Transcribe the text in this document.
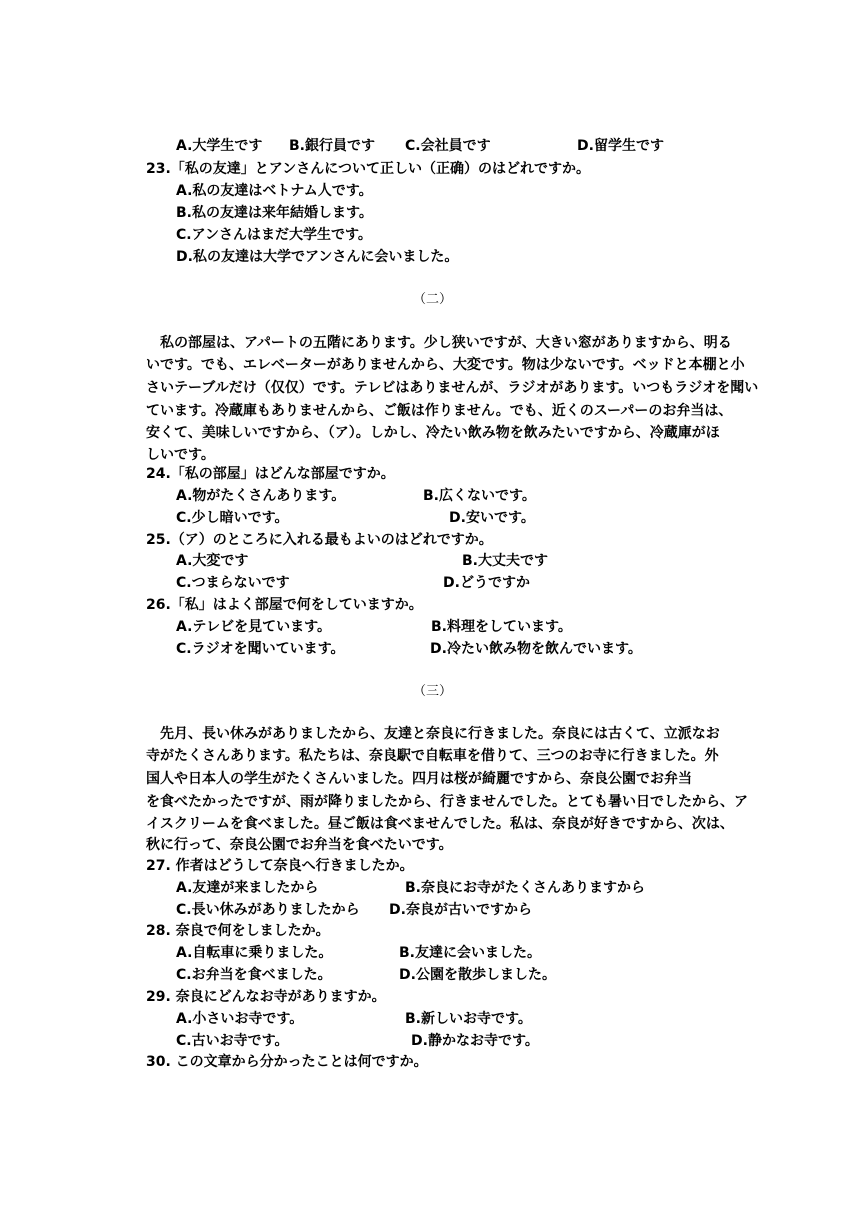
A.大学生です B.銀行員です C.会社員です	D.留学生です
23.「私の友達」とアンさんについて正しい（正确）のはどれですか。
A.私の友達はベトナム人です。
B.私の友達は来年結婚します。
C.アンさんはまだ大学生です。
D.私の友達は大学でアンさんに会いました。
（二）
私の部屋は、アパートの五階にあります。少し狭いですが、大きい窓がありますから、明る
いです。でも、エレベーターがありませんから、大変です。物は少ないです。ベッドと本棚と小
さいテーブルだけ（仅仅）です。テレビはありませんが、ラジオがあります。いつもラジオを聞い
ています。冷蔵庫もありませんから、ご飯は作りません。でも、近くのスーパーのお弁当は、
安くて、美味しいですから、（ア）。しかし、冷たい飲み物を飲みたいですから、冷蔵庫がほ
しいです。
24.「私の部屋」はどんな部屋ですか。
A.物がたくさんあります。	B.広くないです。
C.少し暗いです。	D.安いです。
25.（ア）のところに入れる最もよいのはどれですか。
A.大変です	B.大丈夫です
C.つまらないです	D.どうですか
26.「私」はよく部屋で何をしていますか。
A.テレビを見ています。	B.料理をしています。
C.ラジオを聞いています。	D.冷たい飲み物を飲んでいます。
（三）
先月、長い休みがありましたから、友達と奈良に行きました。奈良には古くて、立派なお
寺がたくさんあります。私たちは、奈良駅で自転車を借りて、三つのお寺に行きました。外
国人や日本人の学生がたくさんいました。四月は桜が綺麗ですから、奈良公園でお弁当
を食べたかったですが、雨が降りましたから、行きませんでした。とても暑い日でしたから、ア
イスクリームを食べました。昼ご飯は食べませんでした。私は、奈良が好きですから、次は、
秋に行って、奈良公園でお弁当を食べたいです。
27. 作者はどうして奈良へ行きましたか。
A.友達が来ましたから	B.奈良にお寺がたくさんありますから
C.長い休みがありましたから D.奈良が古いですから
28. 奈良で何をしましたか。
A.自転車に乗りました。	B.友達に会いました。
C.お弁当を食べました。	D.公園を散歩しました。
29. 奈良にどんなお寺がありますか。
A.小さいお寺です。	B.新しいお寺です。
C.古いお寺です。	D.静かなお寺です。
30. この文章から分かったことは何ですか。
